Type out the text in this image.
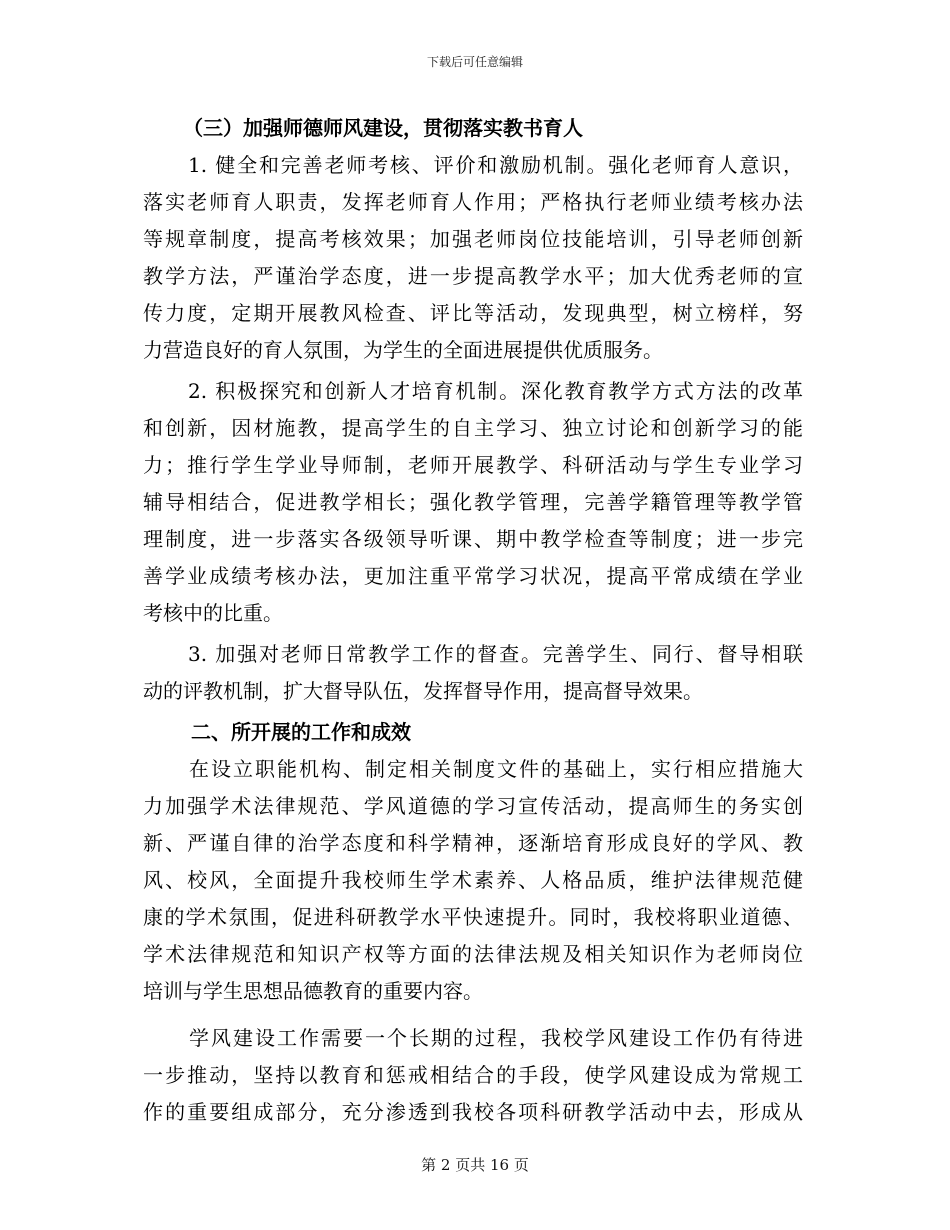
下载后可任意编辑
（三）加强师德师风建设，贯彻落实教书育人
1. 健全和完善老师考核、评价和激励机制。强化老师育人意识，
落实老师育人职责，发挥老师育人作用；严格执行老师业绩考核办法
等规章制度，提高考核效果；加强老师岗位技能培训，引导老师创新
教学方法，严谨治学态度，进一步提高教学水平；加大优秀老师的宣
传力度，定期开展教风检查、评比等活动，发现典型，树立榜样，努
力营造良好的育人氛围，为学生的全面进展提供优质服务。
2. 积极探究和创新人才培育机制。深化教育教学方式方法的改革
和创新，因材施教，提高学生的自主学习、独立讨论和创新学习的能
力；推行学生学业导师制，老师开展教学、科研活动与学生专业学习
辅导相结合，促进教学相长；强化教学管理，完善学籍管理等教学管
理制度，进一步落实各级领导听课、期中教学检查等制度；进一步完
善学业成绩考核办法，更加注重平常学习状况，提高平常成绩在学业
考核中的比重。
3. 加强对老师日常教学工作的督查。完善学生、同行、督导相联
动的评教机制，扩大督导队伍，发挥督导作用，提高督导效果。
二、所开展的工作和成效
在设立职能机构、制定相关制度文件的基础上，实行相应措施大
力加强学术法律规范、学风道德的学习宣传活动，提高师生的务实创
新、严谨自律的治学态度和科学精神，逐渐培育形成良好的学风、教
风、校风，全面提升我校师生学术素养、人格品质，维护法律规范健
康的学术氛围，促进科研教学水平快速提升。同时，我校将职业道德、
学术法律规范和知识产权等方面的法律法规及相关知识作为老师岗位
培训与学生思想品德教育的重要内容。
学风建设工作需要一个长期的过程，我校学风建设工作仍有待进
一步推动，坚持以教育和惩戒相结合的手段，使学风建设成为常规工
作的重要组成部分，充分渗透到我校各项科研教学活动中去，形成从
第 2 页共 16 页
